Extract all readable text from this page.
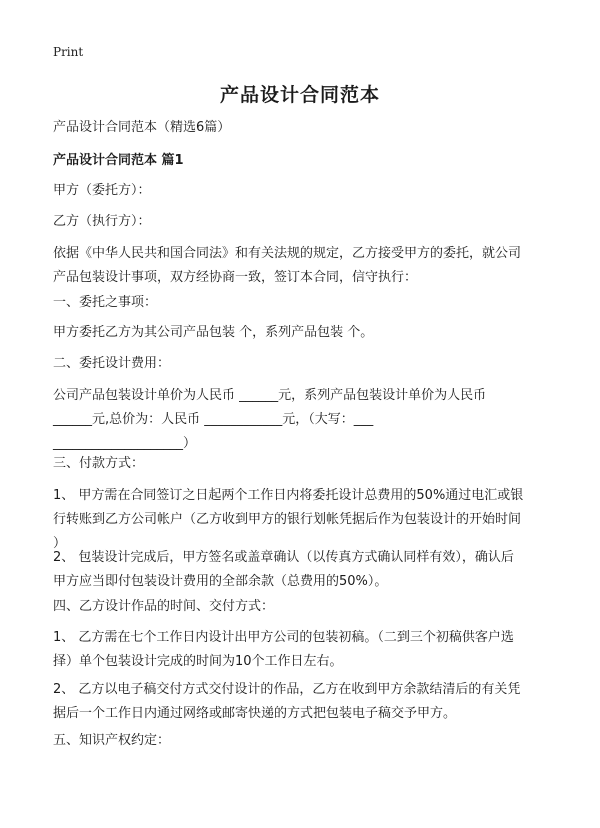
Print
产品设计合同范本
产品设计合同范本（精选6篇）
产品设计合同范本 篇1
甲方（委托方）：
乙方（执行方）：
依据《中华人民共和国合同法》和有关法规的规定，乙方接受甲方的委托，就公司
产品包装设计事项，双方经协商一致，签订本合同，信守执行：
一、委托之事项：
甲方委托乙方为其公司产品包装 个，系列产品包装 个。
二、委托设计费用：
公司产品包装设计单价为人民币 ______元，系列产品包装设计单价为人民币
______元,总价为：人民币 ____________元，（大写：___
____________________）
三、付款方式：
1、 甲方需在合同签订之日起两个工作日内将委托设计总费用的50%通过电汇或银
行转账到乙方公司帐户（乙方收到甲方的银行划帐凭据后作为包装设计的开始时间
）
2、 包装设计完成后，甲方签名或盖章确认（以传真方式确认同样有效），确认后
甲方应当即付包装设计费用的全部余款（总费用的50%）。
四、乙方设计作品的时间、交付方式：
1、 乙方需在七个工作日内设计出甲方公司的包装初稿。（二到三个初稿供客户选
择）单个包装设计完成的时间为10个工作日左右。
2、 乙方以电子稿交付方式交付设计的作品，乙方在收到甲方余款结清后的有关凭
据后一个工作日内通过网络或邮寄快递的方式把包装电子稿交予甲方。
五、知识产权约定：
